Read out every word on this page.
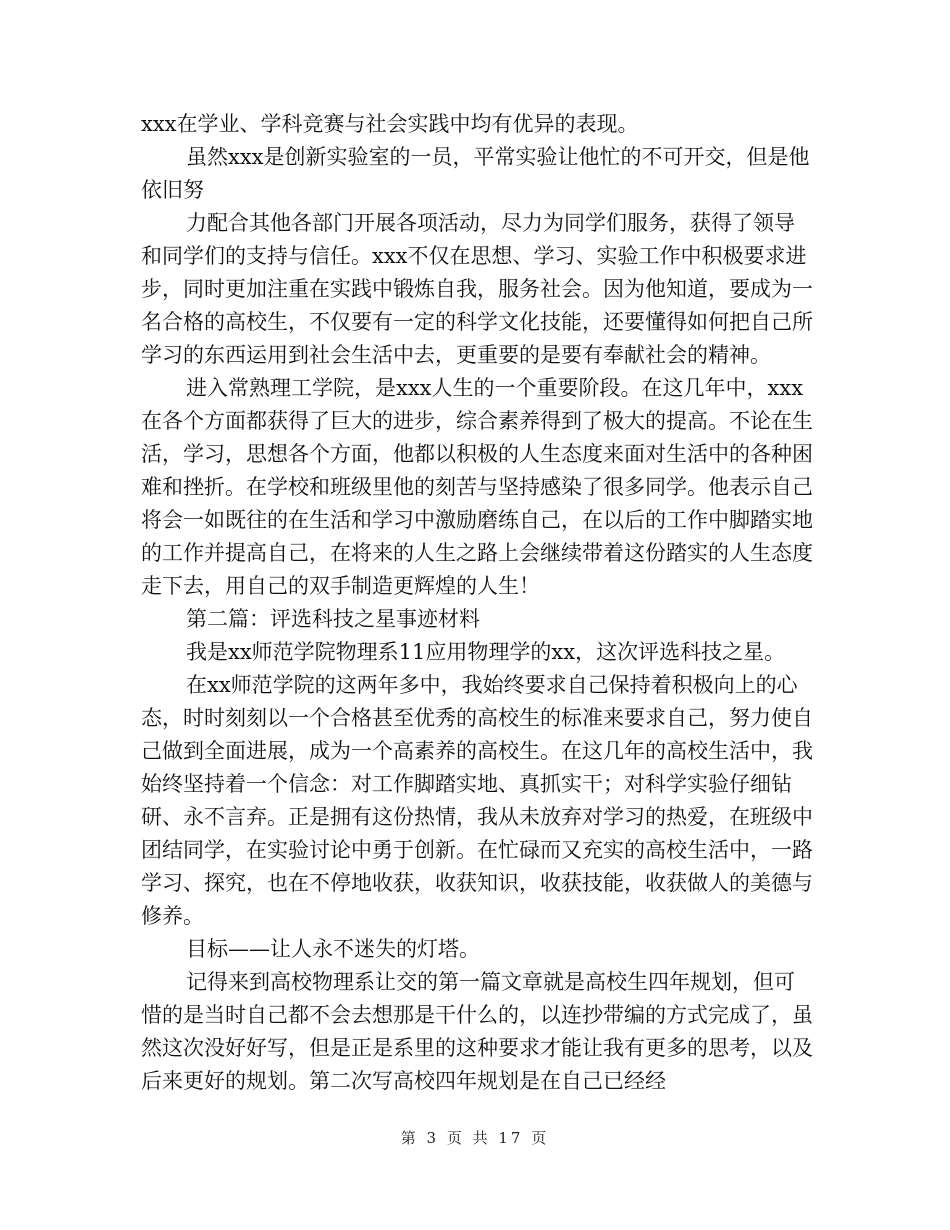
xxx在学业、学科竞赛与社会实践中均有优异的表现。

虽然xxx是创新实验室的一员，平常实验让他忙的不可开交，但是他依旧努

力配合其他各部门开展各项活动，尽力为同学们服务，获得了领导和同学们的支持与信任。xxx不仅在思想、学习、实验工作中积极要求进步，同时更加注重在实践中锻炼自我，服务社会。因为他知道，要成为一名合格的高校生，不仅要有一定的科学文化技能，还要懂得如何把自己所学习的东西运用到社会生活中去，更重要的是要有奉献社会的精神。

进入常熟理工学院，是xxx人生的一个重要阶段。在这几年中，xxx在各个方面都获得了巨大的进步，综合素养得到了极大的提高。不论在生活，学习，思想各个方面，他都以积极的人生态度来面对生活中的各种困难和挫折。在学校和班级里他的刻苦与坚持感染了很多同学。他表示自己将会一如既往的在生活和学习中激励磨练自己，在以后的工作中脚踏实地的工作并提高自己，在将来的人生之路上会继续带着这份踏实的人生态度走下去，用自己的双手制造更辉煌的人生！

第二篇：评选科技之星事迹材料

我是xx师范学院物理系11应用物理学的xx，这次评选科技之星。

在xx师范学院的这两年多中，我始终要求自己保持着积极向上的心态，时时刻刻以一个合格甚至优秀的高校生的标准来要求自己，努力使自己做到全面进展，成为一个高素养的高校生。在这几年的高校生活中，我始终坚持着一个信念：对工作脚踏实地、真抓实干；对科学实验仔细钻研、永不言弃。正是拥有这份热情，我从未放弃对学习的热爱，在班级中团结同学，在实验讨论中勇于创新。在忙碌而又充实的高校生活中，一路学习、探究，也在不停地收获，收获知识，收获技能，收获做人的美德与修养。

目标——让人永不迷失的灯塔。

记得来到高校物理系让交的第一篇文章就是高校生四年规划，但可惜的是当时自己都不会去想那是干什么的，以连抄带编的方式完成了，虽然这次没好好写，但是正是系里的这种要求才能让我有更多的思考，以及后来更好的规划。第二次写高校四年规划是在自己已经经

第 3 页 共 17 页
